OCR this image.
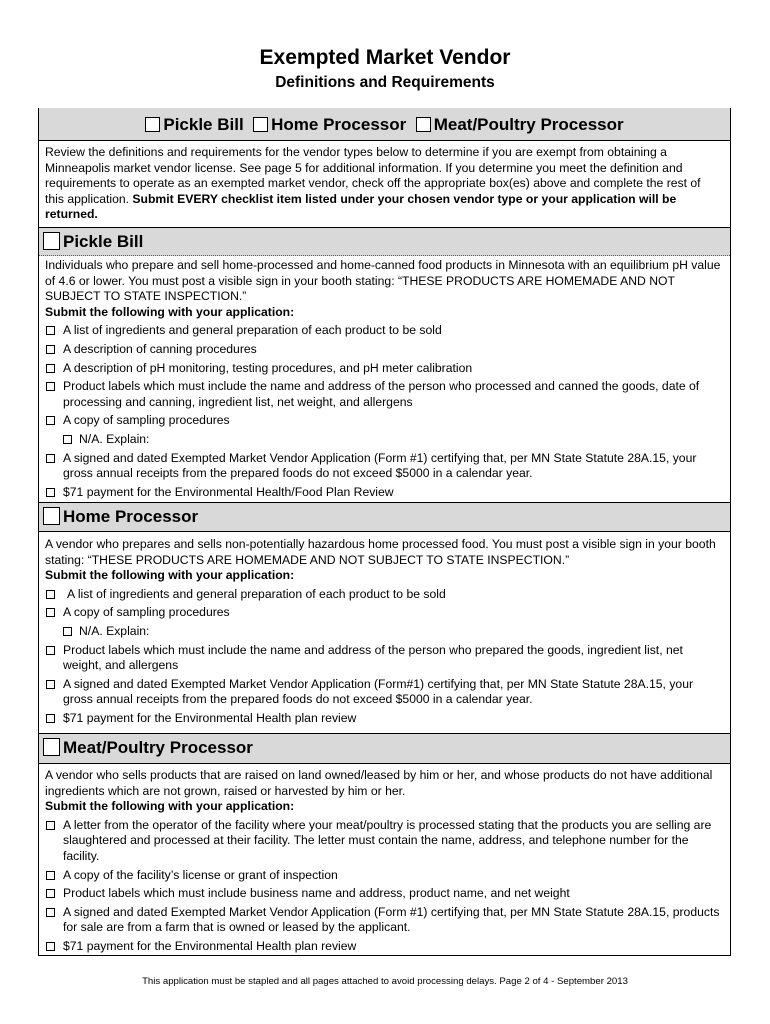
Exempted Market Vendor
Definitions and Requirements
Pickle Bill Home Processor Meat/Poultry Processor

Review the definitions and requirements for the vendor types below to determine if you are exempt from obtaining a Minneapolis market vendor license. See page 5 for additional information. If you determine you meet the definition and requirements to operate as an exempted market vendor, check off the appropriate box(es) above and complete the rest of this application. Submit EVERY checklist item listed under your chosen vendor type or your application will be returned.

Pickle Bill

Individuals who prepare and sell home-processed and home-canned food products in Minnesota with an equilibrium pH value of 4.6 or lower. You must post a visible sign in your booth stating: “THESE PRODUCTS ARE HOMEMADE AND NOT SUBJECT TO STATE INSPECTION.”

Submit the following with your application:

A list of ingredients and general preparation of each product to be sold
A description of canning procedures
A description of pH monitoring, testing procedures, and pH meter calibration
Product labels which must include the name and address of the person who processed and canned the goods, date of processing and canning, ingredient list, net weight, and allergens
A copy of sampling procedures
N/A. Explain:
A signed and dated Exempted Market Vendor Application (Form #1) certifying that, per MN State Statute 28A.15, your gross annual receipts from the prepared foods do not exceed $5000 in a calendar year.
$71 payment for the Environmental Health/Food Plan Review
Home Processor

A vendor who prepares and sells non-potentially hazardous home processed food. You must post a visible sign in your booth stating: “THESE PRODUCTS ARE HOMEMADE AND NOT SUBJECT TO STATE INSPECTION.”

Submit the following with your application:

A list of ingredients and general preparation of each product to be sold
A copy of sampling procedures
N/A. Explain:
Product labels which must include the name and address of the person who prepared the goods, ingredient list, net weight, and allergens
A signed and dated Exempted Market Vendor Application (Form#1) certifying that, per MN State Statute 28A.15, your gross annual receipts from the prepared foods do not exceed $5000 in a calendar year.
$71 payment for the Environmental Health plan review
Meat/Poultry Processor

A vendor who sells products that are raised on land owned/leased by him or her, and whose products do not have additional ingredients which are not grown, raised or harvested by him or her.

Submit the following with your application:

A letter from the operator of the facility where your meat/poultry is processed stating that the products you are selling are slaughtered and processed at their facility. The letter must contain the name, address, and telephone number for the facility.
A copy of the facility’s license or grant of inspection
Product labels which must include business name and address, product name, and net weight
A signed and dated Exempted Market Vendor Application (Form #1) certifying that, per MN State Statute 28A.15, products for sale are from a farm that is owned or leased by the applicant.
$71 payment for the Environmental Health plan review
This application must be stapled and all pages attached to avoid processing delays. Page 2 of 4 - September 2013
